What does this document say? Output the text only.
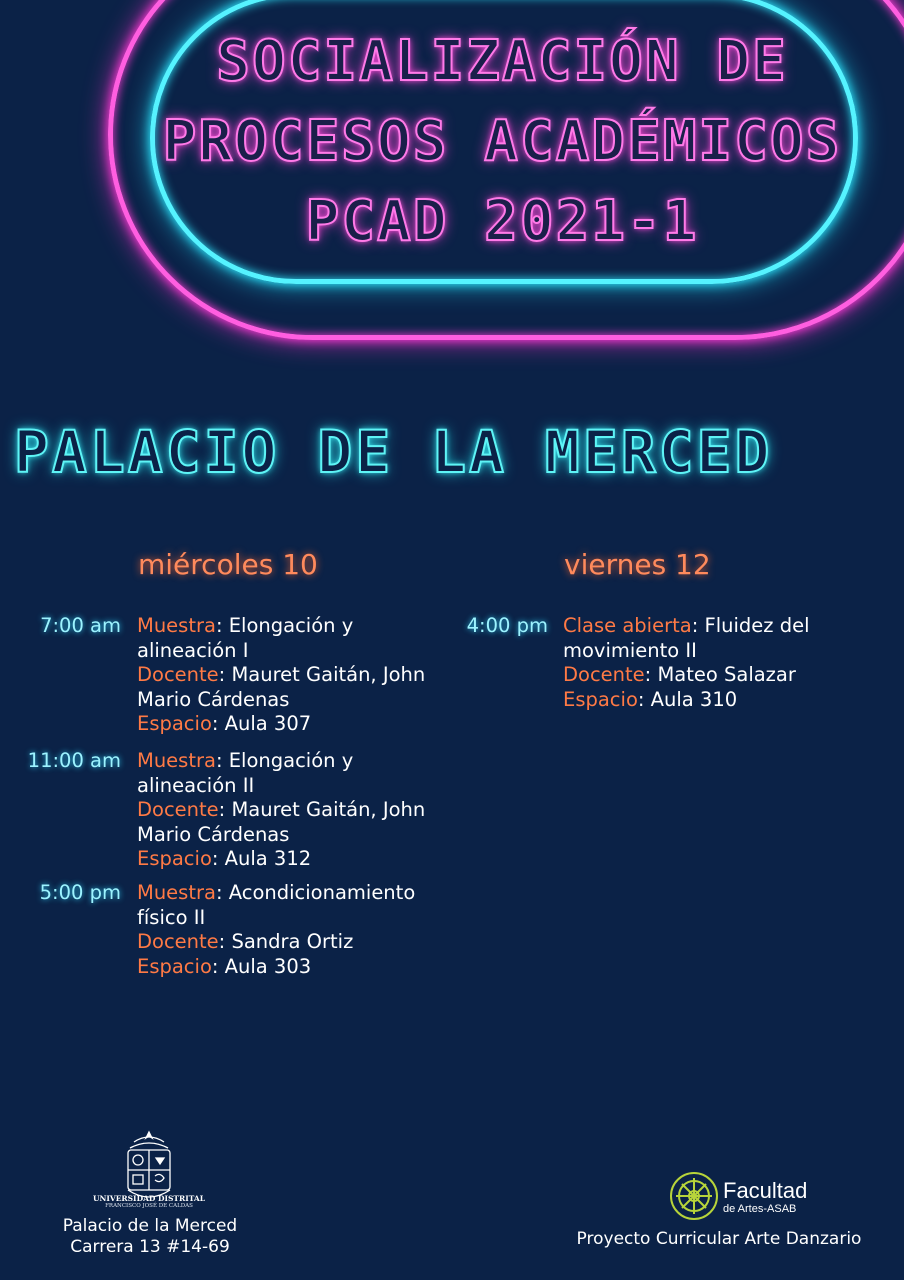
SOCIALIZACIÓN DE
PROCESOS ACADÉMICOS
PCAD 2021-1
PALACIO DE LA MERCED
miércoles 10	viernes 12
7:00 am Muestra: Elongación y alineación I
Docente: Mauret Gaitán, John Mario Cárdenas
Espacio: Aula 307
11:00 am Muestra: Elongación y alineación II
Docente: Mauret Gaitán, John Mario Cárdenas
Espacio: Aula 312
5:00 pm Muestra: Acondicionamiento físico II
Docente: Sandra Ortiz
Espacio: Aula 303
4:00 pm Clase abierta: Fluidez del movimiento II
Docente: Mateo Salazar
Espacio: Aula 310
UNIVERSIDAD DISTRITAL
FRANCISCO JOSÉ DE CALDAS
Palacio de la Merced
Carrera 13 #14-69
Facultad
de Artes-ASAB
Proyecto Curricular Arte Danzario
